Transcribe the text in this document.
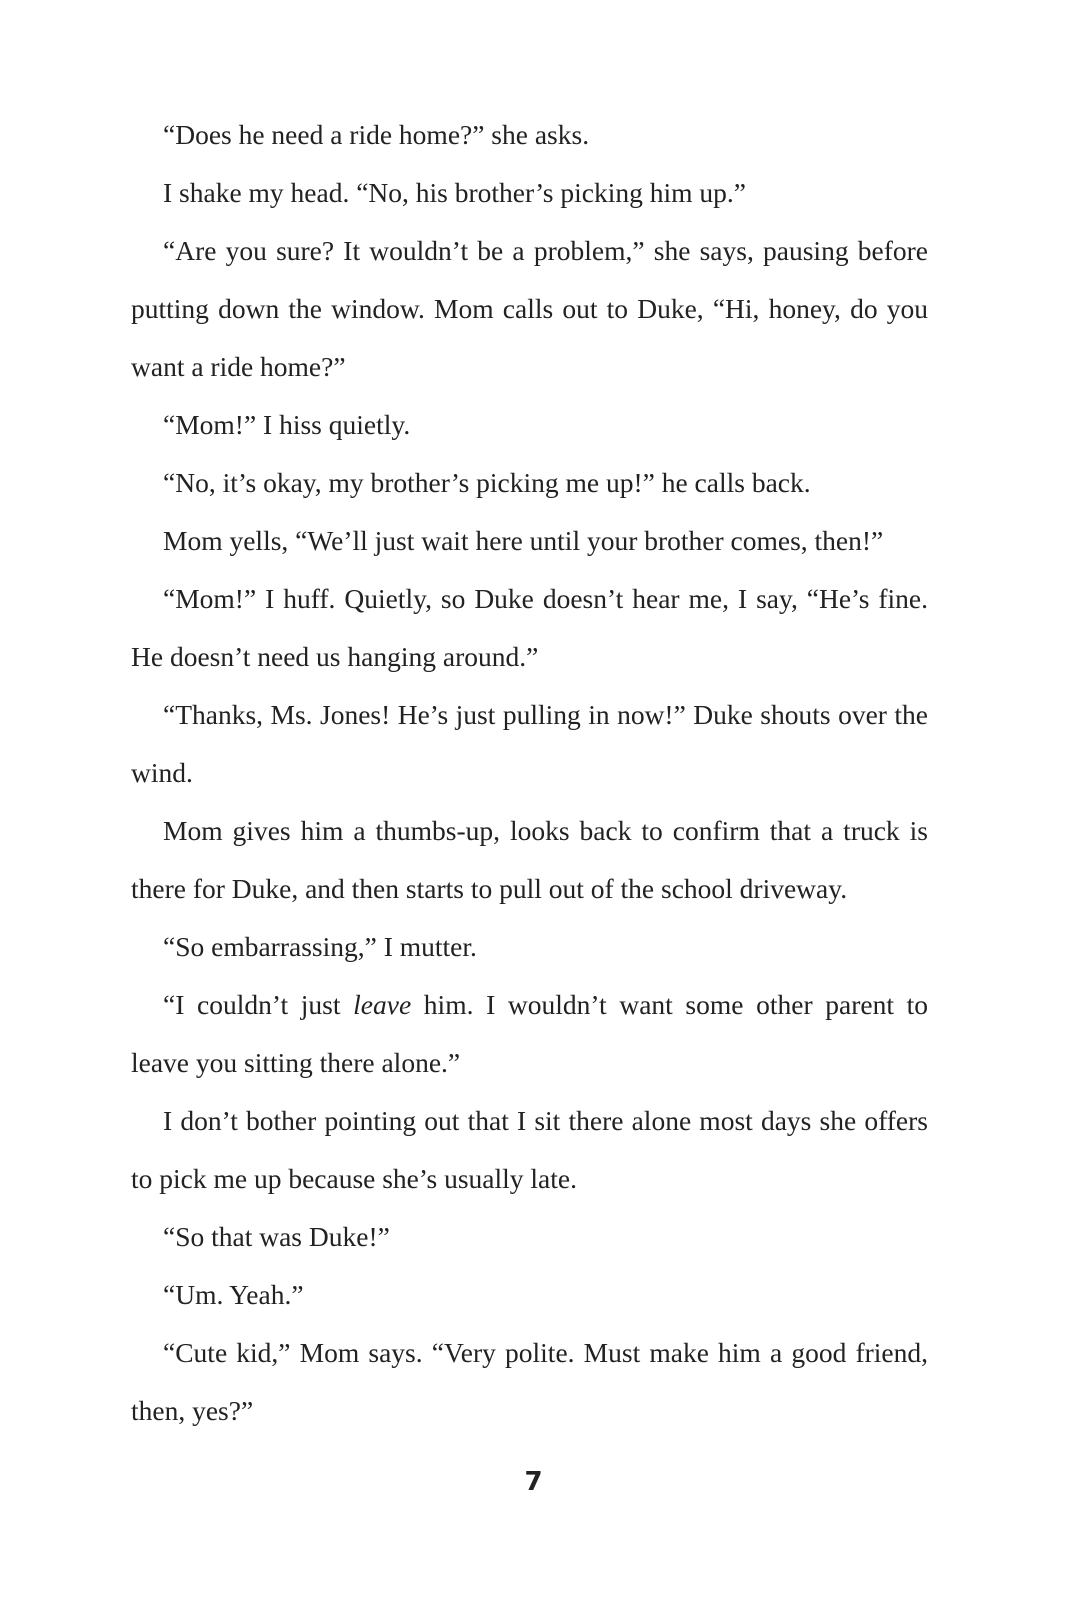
“Does he need a ride home?” she asks.

I shake my head. “No, his brother’s picking him up.”

“Are you sure? It wouldn’t be a problem,” she says, pausing before putting down the window. Mom calls out to Duke, “Hi, honey, do you want a ride home?”

“Mom!” I hiss quietly.

“No, it’s okay, my brother’s picking me up!” he calls back.

Mom yells, “We’ll just wait here until your brother comes, then!”

“Mom!” I huff. Quietly, so Duke doesn’t hear me, I say, “He’s fine. He doesn’t need us hanging around.”

“Thanks, Ms. Jones! He’s just pulling in now!” Duke shouts over the wind.

Mom gives him a thumbs-up, looks back to confirm that a truck is there for Duke, and then starts to pull out of the school driveway.

“So embarrassing,” I mutter.

“I couldn’t just leave him. I wouldn’t want some other parent to leave you sitting there alone.”

I don’t bother pointing out that I sit there alone most days she offers to pick me up because she’s usually late.

“So that was Duke!”

“Um. Yeah.”

“Cute kid,” Mom says. “Very polite. Must make him a good friend, then, yes?”

7
